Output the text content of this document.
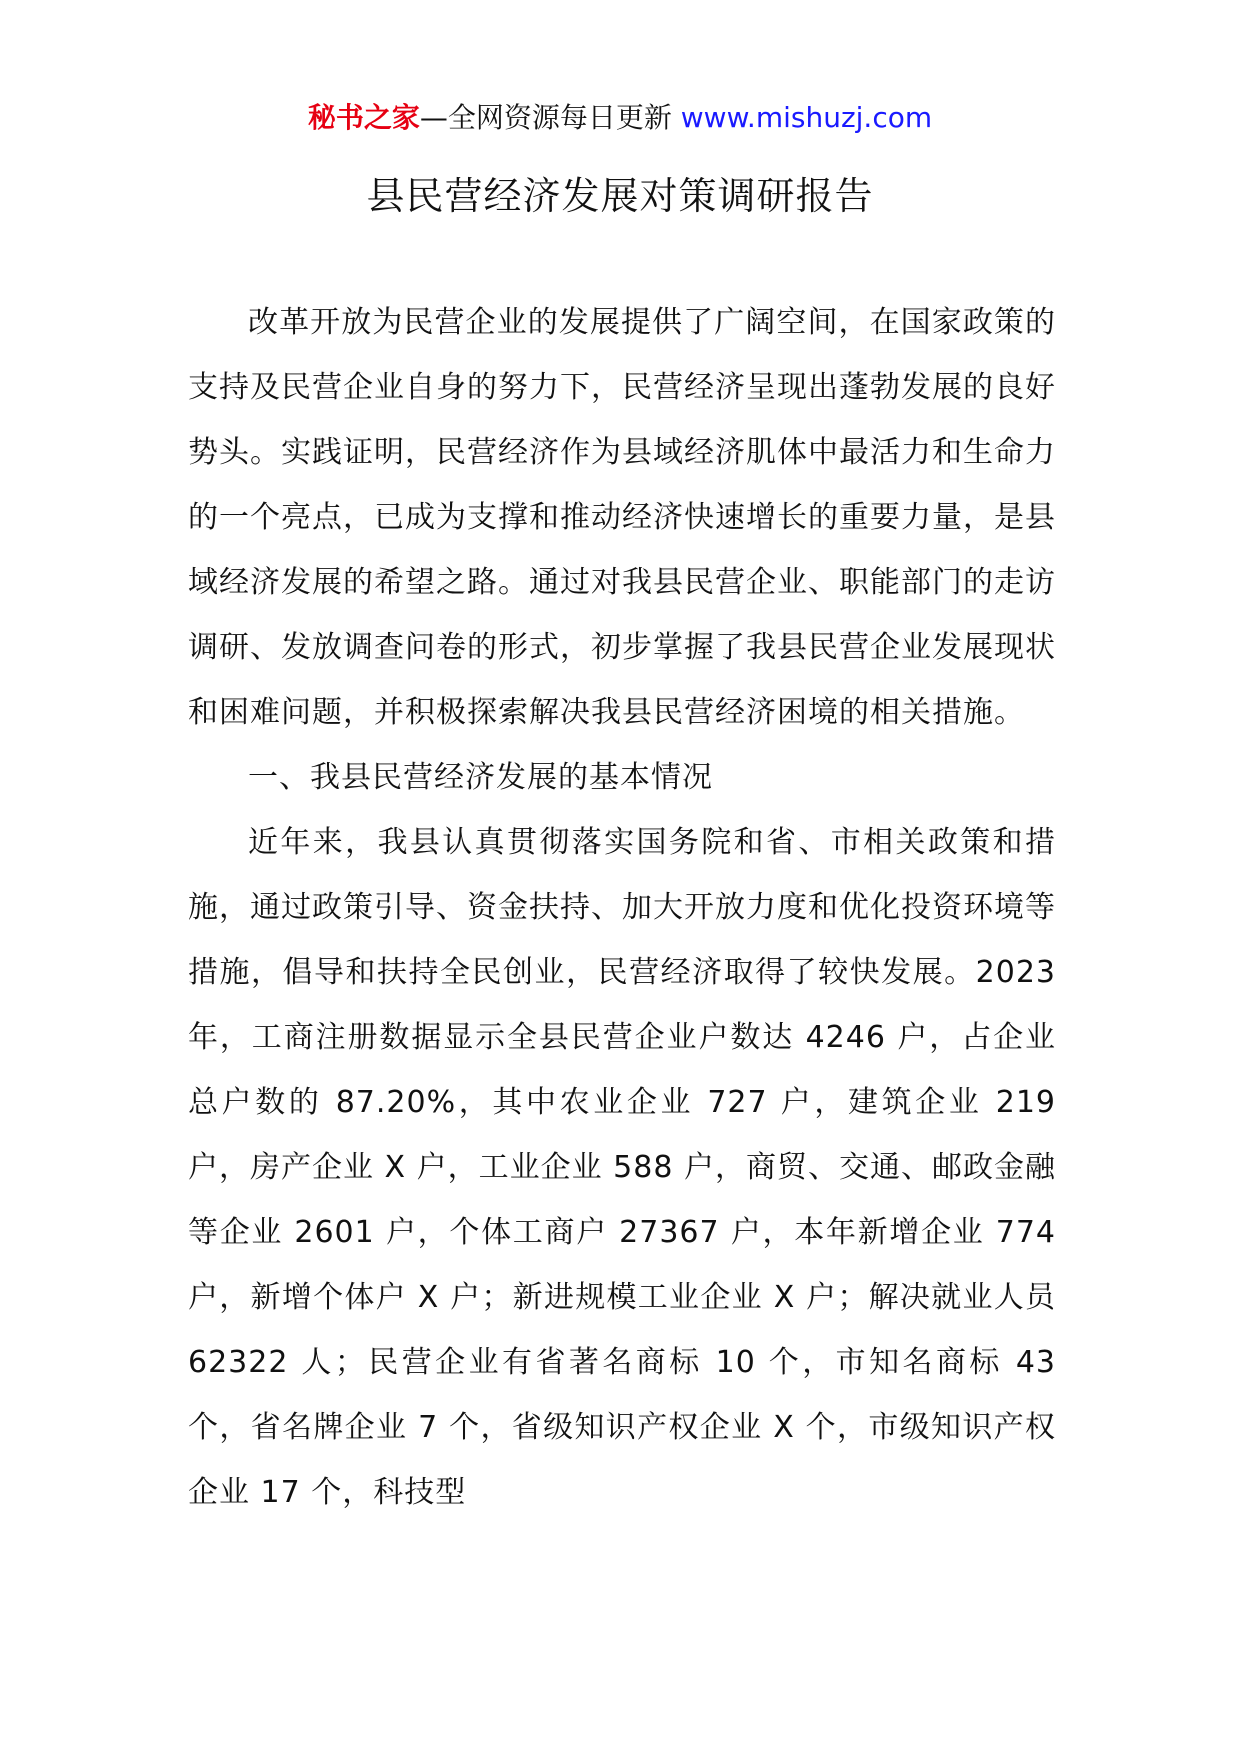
秘书之家—全网资源每日更新 www.mishuzj.com
县民营经济发展对策调研报告

改革开放为民营企业的发展提供了广阔空间，在国家政策的支持及民营企业自身的努力下，民营经济呈现出蓬勃发展的良好势头。实践证明，民营经济作为县域经济肌体中最活力和生命力的一个亮点，已成为支撑和推动经济快速增长的重要力量，是县域经济发展的希望之路。通过对我县民营企业、职能部门的走访调研、发放调查问卷的形式，初步掌握了我县民营企业发展现状和困难问题，并积极探索解决我县民营经济困境的相关措施。

一、我县民营经济发展的基本情况

近年来，我县认真贯彻落实国务院和省、市相关政策和措施，通过政策引导、资金扶持、加大开放力度和优化投资环境等措施，倡导和扶持全民创业，民营经济取得了较快发展。2023 年，工商注册数据显示全县民营企业户数达 4246 户，占企业总户数的 87.20%，其中农业企业 727 户，建筑企业 219 户，房产企业 X 户，工业企业 588 户，商贸、交通、邮政金融等企业 2601 户，个体工商户 27367 户，本年新增企业 774 户，新增个体户 X 户；新进规模工业企业 X 户；解决就业人员 62322 人；民营企业有省著名商标 10 个，市知名商标 43 个，省名牌企业 7 个，省级知识产权企业 X 个，市级知识产权企业 17 个，科技型
